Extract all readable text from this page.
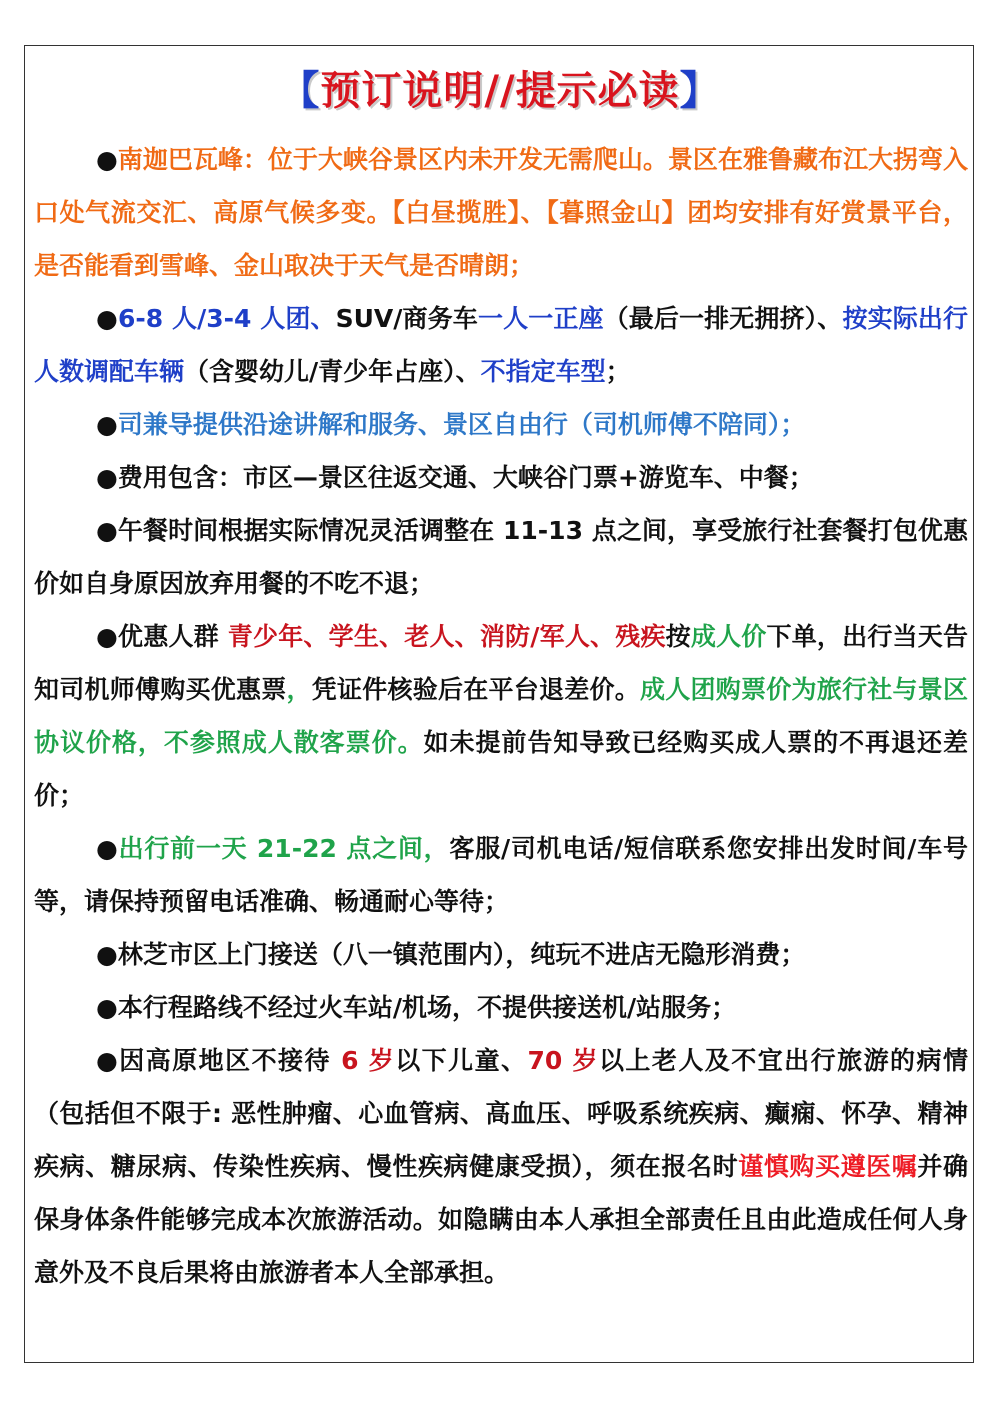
【预订说明//提示必读】

●南迦巴瓦峰：位于大峡谷景区内未开发无需爬山。景区在雅鲁藏布江大拐弯入口处气流交汇、高原气候多变。【白昼揽胜】、【暮照金山】团均安排有好赏景平台，是否能看到雪峰、金山取决于天气是否晴朗；

●6-8 人/3-4 人团、SUV/商务车一人一正座（最后一排无拥挤）、按实际出行人数调配车辆（含婴幼儿/青少年占座）、不指定车型；

●司兼导提供沿途讲解和服务、景区自由行（司机师傅不陪同）；

●费用包含：市区—景区往返交通、大峡谷门票+游览车、中餐；

●午餐时间根据实际情况灵活调整在 11-13 点之间，享受旅行社套餐打包优惠价如自身原因放弃用餐的不吃不退；

●优惠人群 青少年、学生、老人、消防/军人、残疾按成人价下单，出行当天告知司机师傅购买优惠票，凭证件核验后在平台退差价。成人团购票价为旅行社与景区协议价格，不参照成人散客票价。如未提前告知导致已经购买成人票的不再退还差价；

●出行前一天 21-22 点之间，客服/司机电话/短信联系您安排出发时间/车号等，请保持预留电话准确、畅通耐心等待；

●林芝市区上门接送（八一镇范围内），纯玩不进店无隐形消费；

●本行程路线不经过火车站/机场，不提供接送机/站服务；

●因高原地区不接待 6 岁以下儿童、70 岁以上老人及不宜出行旅游的病情（包括但不限于: 恶性肿瘤、心血管病、高血压、呼吸系统疾病、癫痫、怀孕、精神疾病、糖尿病、传染性疾病、慢性疾病健康受损），须在报名时谨慎购买遵医嘱并确保身体条件能够完成本次旅游活动。如隐瞒由本人承担全部责任且由此造成任何人身意外及不良后果将由旅游者本人全部承担。
